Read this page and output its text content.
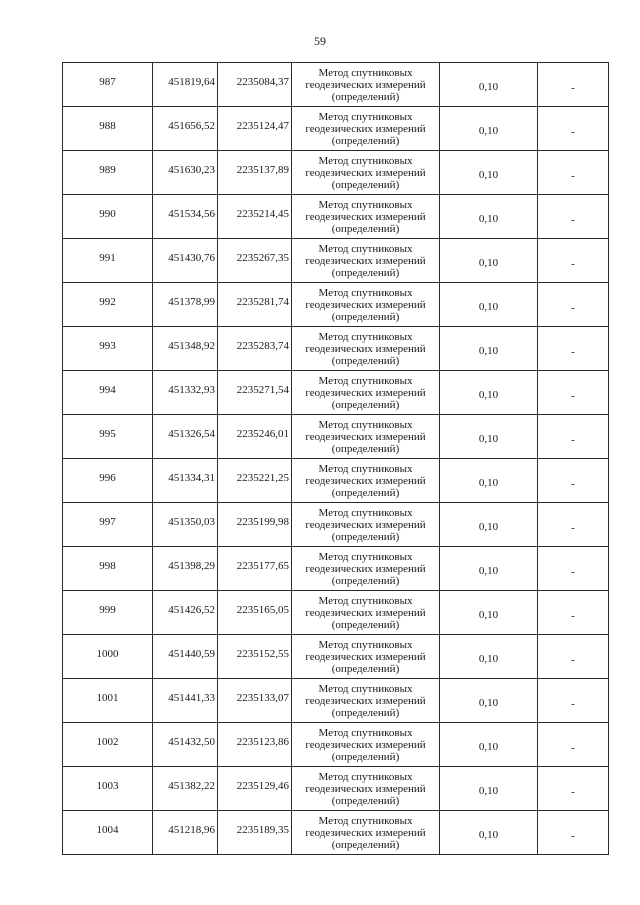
59
987	451819,64	2235084,37	Метод спутниковых геодезических измерений (определений)	0,10	-
988	451656,52	2235124,47	Метод спутниковых геодезических измерений (определений)	0,10	-
989	451630,23	2235137,89	Метод спутниковых геодезических измерений (определений)	0,10	-
990	451534,56	2235214,45	Метод спутниковых геодезических измерений (определений)	0,10	-
991	451430,76	2235267,35	Метод спутниковых геодезических измерений (определений)	0,10	-
992	451378,99	2235281,74	Метод спутниковых геодезических измерений (определений)	0,10	-
993	451348,92	2235283,74	Метод спутниковых геодезических измерений (определений)	0,10	-
994	451332,93	2235271,54	Метод спутниковых геодезических измерений (определений)	0,10	-
995	451326,54	2235246,01	Метод спутниковых геодезических измерений (определений)	0,10	-
996	451334,31	2235221,25	Метод спутниковых геодезических измерений (определений)	0,10	-
997	451350,03	2235199,98	Метод спутниковых геодезических измерений (определений)	0,10	-
998	451398,29	2235177,65	Метод спутниковых геодезических измерений (определений)	0,10	-
999	451426,52	2235165,05	Метод спутниковых геодезических измерений (определений)	0,10	-
1000	451440,59	2235152,55	Метод спутниковых геодезических измерений (определений)	0,10	-
1001	451441,33	2235133,07	Метод спутниковых геодезических измерений (определений)	0,10	-
1002	451432,50	2235123,86	Метод спутниковых геодезических измерений (определений)	0,10	-
1003	451382,22	2235129,46	Метод спутниковых геодезических измерений (определений)	0,10	-
1004	451218,96	2235189,35	Метод спутниковых геодезических измерений (определений)	0,10	-
